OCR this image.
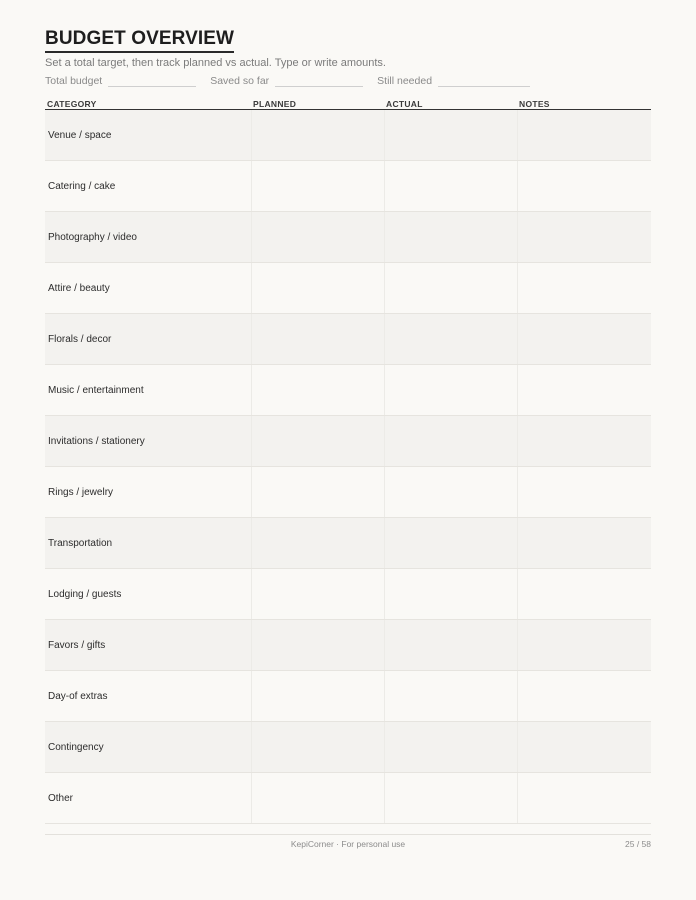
BUDGET OVERVIEW
Set a total target, then track planned vs actual. Type or write amounts.
Total budget	Saved so far	Still needed
CATEGORY	PLANNED	ACTUAL	NOTES
Venue / space			
Catering / cake			
Photography / video			
Attire / beauty			
Florals / decor			
Music / entertainment			
Invitations / stationery			
Rings / jewelry			
Transportation			
Lodging / guests			
Favors / gifts			
Day-of extras			
Contingency			
Other			
KepiCorner · For personal use	25 / 58
